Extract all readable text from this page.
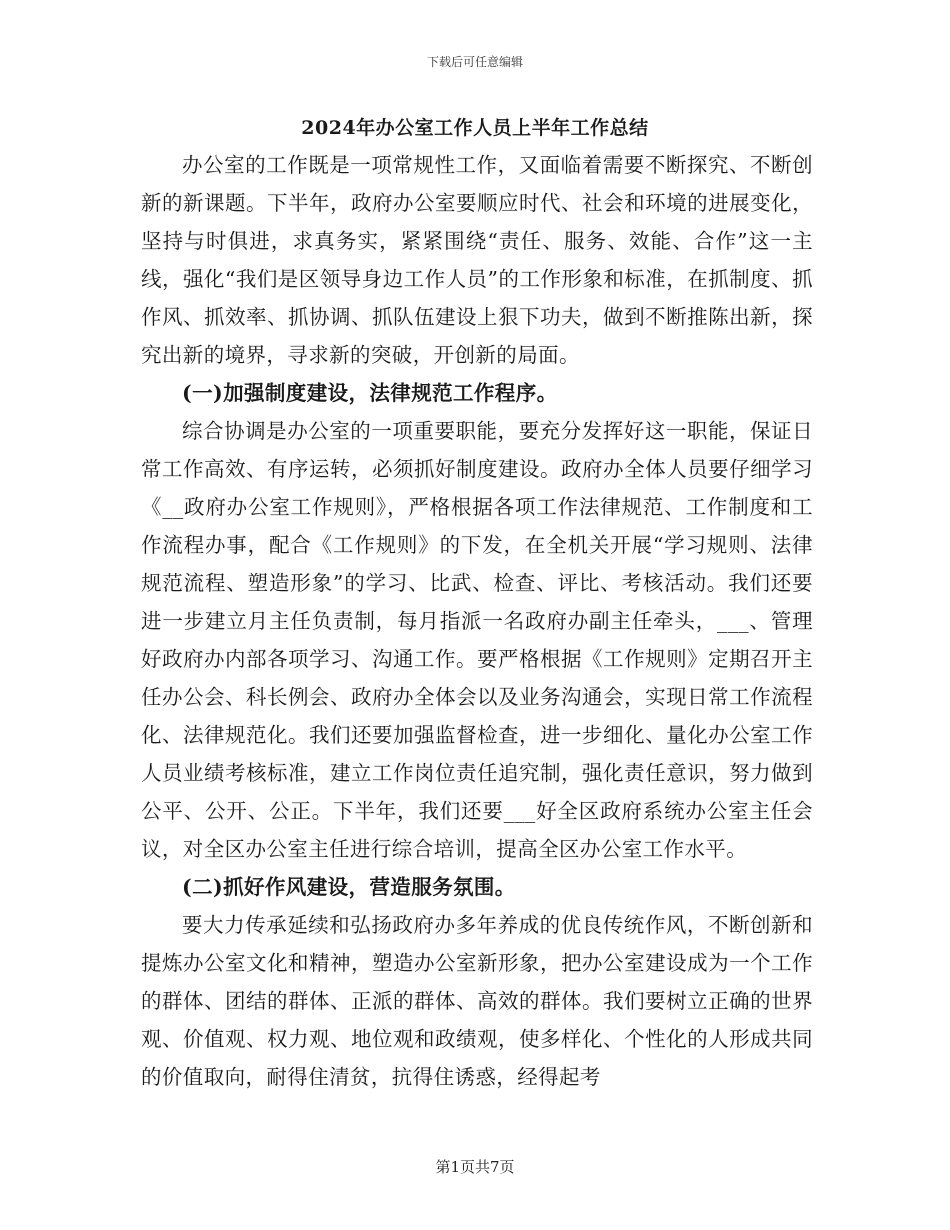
下载后可任意编辑
2024年办公室工作人员上半年工作总结

办公室的工作既是一项常规性工作，又面临着需要不断探究、不断创新的新课题。下半年，政府办公室要顺应时代、社会和环境的进展变化，坚持与时俱进，求真务实，紧紧围绕“责任、服务、效能、合作”这一主线，强化“我们是区领导身边工作人员”的工作形象和标准，在抓制度、抓作风、抓效率、抓协调、抓队伍建设上狠下功夫，做到不断推陈出新，探究出新的境界，寻求新的突破，开创新的局面。

(一)加强制度建设，法律规范工作程序。

综合协调是办公室的一项重要职能，要充分发挥好这一职能，保证日常工作高效、有序运转，必须抓好制度建设。政府办全体人员要仔细学习《__政府办公室工作规则》，严格根据各项工作法律规范、工作制度和工作流程办事，配合《工作规则》的下发，在全机关开展“学习规则、法律规范流程、塑造形象”的学习、比武、检查、评比、考核活动。我们还要进一步建立月主任负责制，每月指派一名政府办副主任牵头，___、管理好政府办内部各项学习、沟通工作。要严格根据《工作规则》定期召开主任办公会、科长例会、政府办全体会以及业务沟通会，实现日常工作流程化、法律规范化。我们还要加强监督检查，进一步细化、量化办公室工作人员业绩考核标准，建立工作岗位责任追究制，强化责任意识，努力做到公平、公开、公正。下半年，我们还要___好全区政府系统办公室主任会议，对全区办公室主任进行综合培训，提高全区办公室工作水平。

(二)抓好作风建设，营造服务氛围。

要大力传承延续和弘扬政府办多年养成的优良传统作风，不断创新和提炼办公室文化和精神，塑造办公室新形象，把办公室建设成为一个工作的群体、团结的群体、正派的群体、高效的群体。我们要树立正确的世界观、价值观、权力观、地位观和政绩观，使多样化、个性化的人形成共同的价值取向，耐得住清贫，抗得住诱惑，经得起考

第1页共7页
